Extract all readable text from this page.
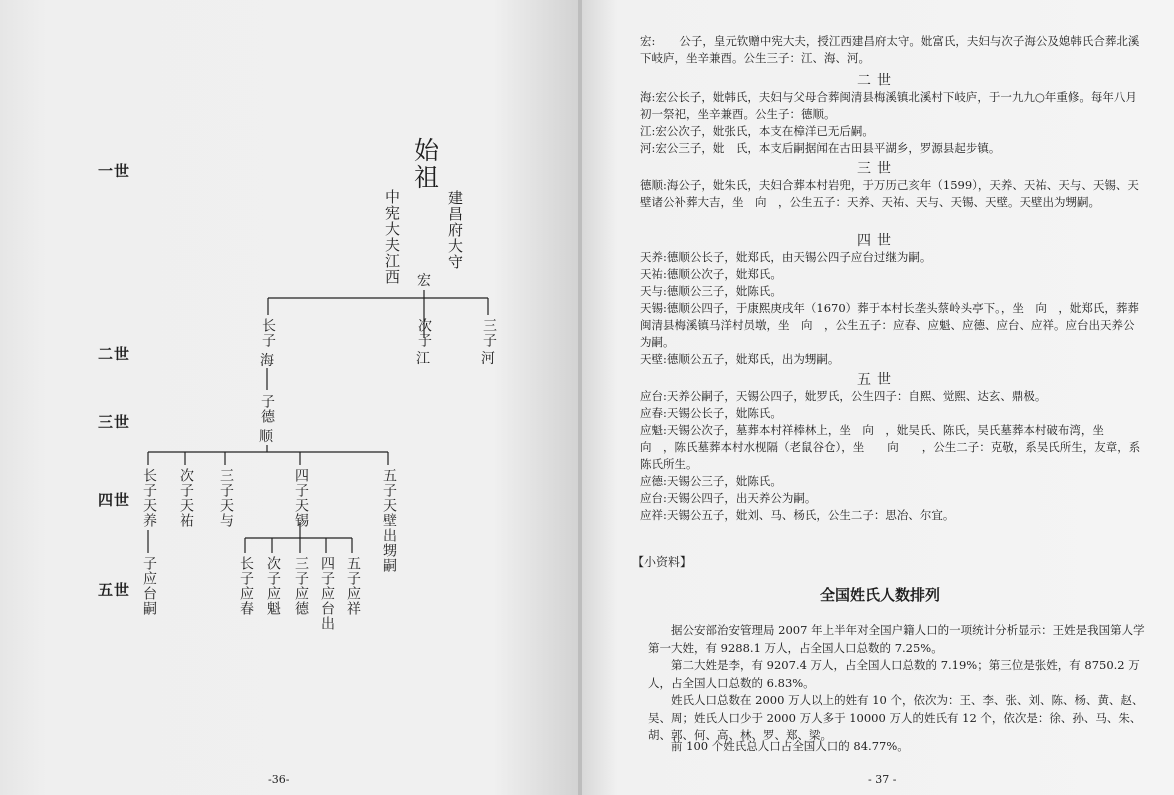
一世
二世
三世
四世
五世
始
祖
建昌府大守
中宪大夫江西 宏
长子
海
次子
江
三子
河
子德
顺
长子天养 次子天祐 三子天与	四子天锡	五子天壁出甥嗣
子应台嗣	长子应春 次子应魁 三子应德 四子应台出 五子应祥
-36-
宏: 公子，皇元钦赠中宪大夫，授江西建昌府太守。妣富氏，夫妇与次子海公及媳韩氏合葬北溪下岐庐，坐辛兼酉。公生三子：江、海、河。
二世
海:宏公长子，妣韩氏，夫妇与父母合葬闽清县梅溪镇北溪村下岐庐，于一九九○年重修。每年八月初一祭祀，坐辛兼酉。公生子：德顺。
江:宏公次子，妣张氏，本支在樟洋已无后嗣。
河:宏公三子，妣　氏，本支后嗣据闻在古田县平湖乡，罗源县起步镇。
三世
德顺:海公子，妣朱氏，夫妇合葬本村岩兜，于万历己亥年（1599），天养、天祐、天与、天锡、天壁诸公补葬大吉，坐　向　，公生五子：天养、天祐、天与、天锡、天壁。天壁出为甥嗣。
四世
天养:德顺公长子，妣郑氏，由天锡公四子应台过继为嗣。
天祐:德顺公次子，妣郑氏。
天与:德顺公三子，妣陈氏。
天锡:德顺公四子，于康熙庚戌年（1670）葬于本村长垄头蔡岭头亭下。，坐　向　，妣郑氏，葬葬闽清县梅溪镇马洋村员墩，坐　向　，公生五子：应春、应魁、应德、应台、应祥。应台出天养公为嗣。
天壁:德顺公五子，妣郑氏，出为甥嗣。
五世
应台:天养公嗣子，天锡公四子，妣罗氏，公生四子：自熙、觉熙、达玄、鼎极。
应春:天锡公长子，妣陈氏。
应魁:天锡公次子，墓葬本村祥棒林上，坐　向　，妣吴氏、陈氏，吴氏墓葬本村破布湾，坐　向　，陈氏墓葬本村水枧隔（老鼠谷仓），坐　　向　　，公生二子：克敬，系吴氏所生，友章，系陈氏所生。
应德:天锡公三子，妣陈氏。
应台:天锡公四子，出天养公为嗣。
应祥:天锡公五子，妣刘、马、杨氏，公生二子：思冶、尔宜。
【小资料】
全国姓氏人数排列
据公安部治安管理局 2007 年上半年对全国户籍人口的一项统计分析显示：王姓是我国第人学第一大姓，有 9288.1 万人，占全国人口总数的 7.25%。
第二大姓是李，有 9207.4 万人，占全国人口总数的 7.19%；第三位是张姓，有 8750.2 万人，占全国人口总数的 6.83%。
姓氏人口总数在 2000 万人以上的姓有 10 个，依次为：王、李、张、刘、陈、杨、黄、赵、吴、周；姓氏人口少于 2000 万人多于 10000 万人的姓氏有 12 个，依次是：徐、孙、马、朱、胡、郭、何、高、林、罗、郑、梁。
前 100 个姓氏总人口占全国人口的 84.77%。
- 37 -
